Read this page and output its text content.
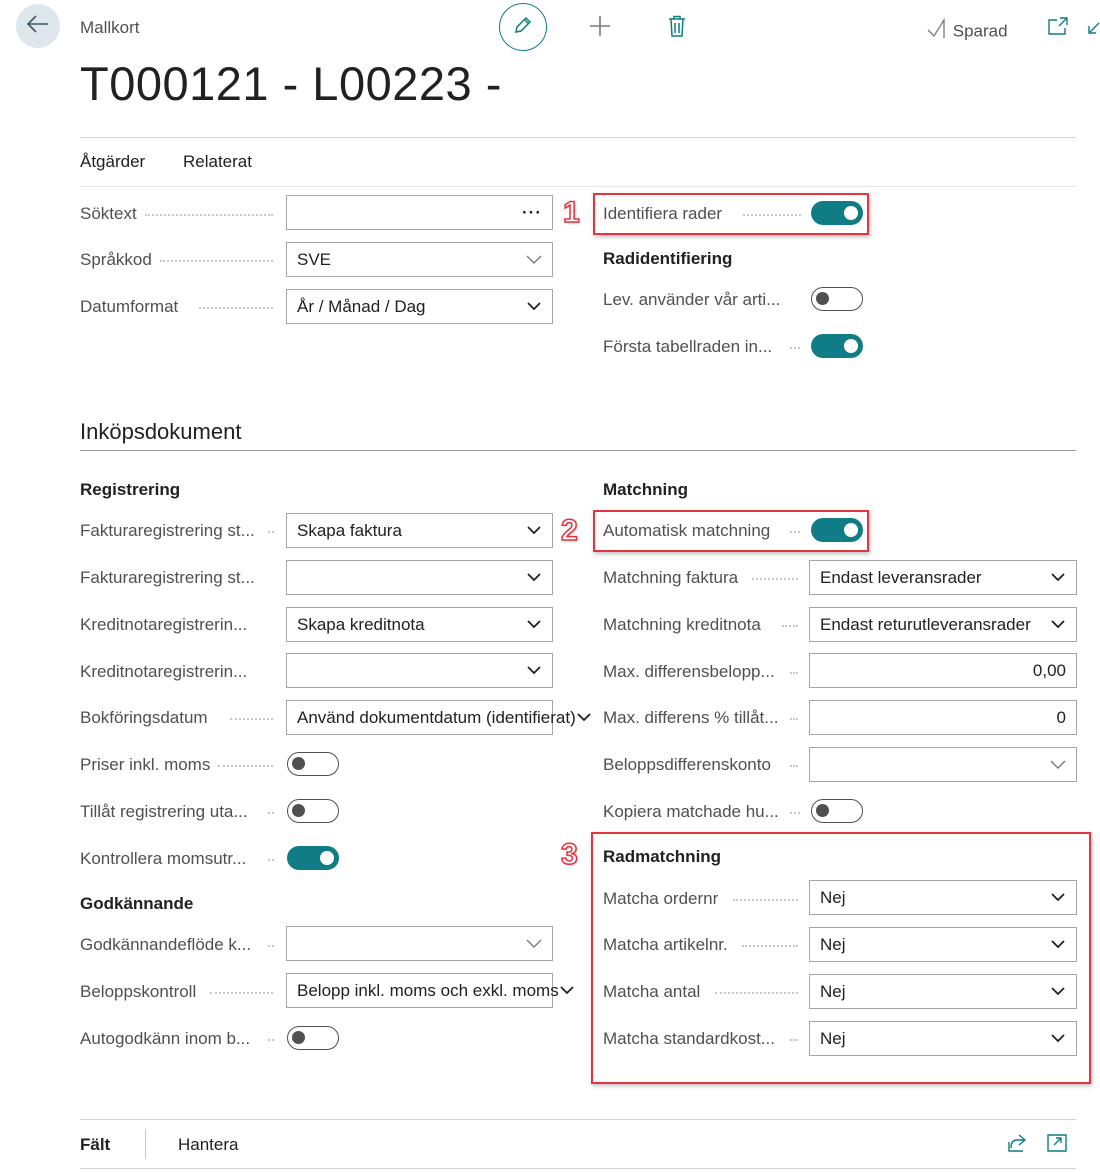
Mallkort	Sparad
T000121 - L00223 -
Åtgärder Relaterat
Söktext	···
Språkkod	SVE
Datumformat	År / Månad / Dag
1 Identifiera rader
Radidentifiering
Lev. använder vår arti...
Första tabellraden in...
Inköpsdokument
Registrering
Fakturaregistrering st... Skapa faktura
Fakturaregistrering st...
Kreditnotaregistrerin...	Skapa kreditnota
Kreditnotaregistrerin...
Bokföringsdatum	Använd dokumentdatum (identifierat)
Priser inkl. moms
Tillåt registrering uta...
Kontrollera momsutr...
Godkännande
Godkännandeflöde k...
Beloppskontroll	Belopp inkl. moms och exkl. moms
Autogodkänn inom b...
Matchning
2 Automatisk matchning
Matchning faktura	Endast leveransrader
Matchning kreditnota	Endast returutleveransrader
Max. differensbelopp...	0,00
Max. differens % tillåt...	0
Beloppsdifferenskonto
Kopiera matchade hu...
3 Radmatchning
Matcha ordernr	Nej
Matcha artikelnr.	Nej
Matcha antal	Nej
Matcha standardkost...	Nej
Fält	Hantera
